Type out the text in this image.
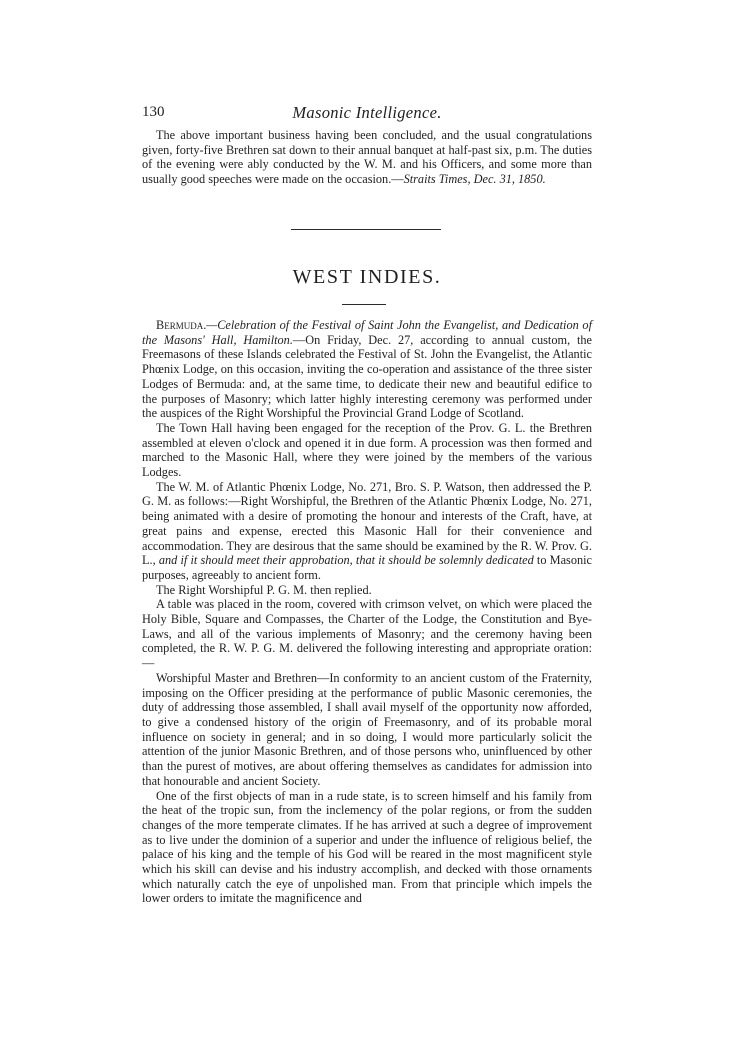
130	Masonic Intelligence.

The above important business having been concluded, and the usual congratulations given, forty-five Brethren sat down to their annual banquet at half-past six, p.m. The duties of the evening were ably conducted by the W. M. and his Officers, and some more than usually good speeches were made on the occasion.—Straits Times, Dec. 31, 1850.

WEST INDIES.

Bermuda.—Celebration of the Festival of Saint John the Evangelist, and Dedication of the Masons' Hall, Hamilton.—On Friday, Dec. 27, according to annual custom, the Freemasons of these Islands celebrated the Festival of St. John the Evangelist, the Atlantic Phœnix Lodge, on this occasion, inviting the co-operation and assistance of the three sister Lodges of Bermuda: and, at the same time, to dedicate their new and beautiful edifice to the purposes of Masonry; which latter highly interesting ceremony was performed under the auspices of the Right Worshipful the Provincial Grand Lodge of Scotland.

The Town Hall having been engaged for the reception of the Prov. G. L. the Brethren assembled at eleven o'clock and opened it in due form. A procession was then formed and marched to the Masonic Hall, where they were joined by the members of the various Lodges.

The W. M. of Atlantic Phœnix Lodge, No. 271, Bro. S. P. Watson, then addressed the P. G. M. as follows:—Right Worshipful, the Brethren of the Atlantic Phœnix Lodge, No. 271, being animated with a desire of promoting the honour and interests of the Craft, have, at great pains and expense, erected this Masonic Hall for their convenience and accommodation. They are desirous that the same should be examined by the R. W. Prov. G. L., and if it should meet their approbation, that it should be solemnly dedicated to Masonic purposes, agreeably to ancient form.

The Right Worshipful P. G. M. then replied.

A table was placed in the room, covered with crimson velvet, on which were placed the Holy Bible, Square and Compasses, the Charter of the Lodge, the Constitution and Bye-Laws, and all of the various implements of Masonry; and the ceremony having been completed, the R. W. P. G. M. delivered the following interesting and appropriate oration:—

Worshipful Master and Brethren—In conformity to an ancient custom of the Fraternity, imposing on the Officer presiding at the performance of public Masonic ceremonies, the duty of addressing those assembled, I shall avail myself of the opportunity now afforded, to give a condensed history of the origin of Freemasonry, and of its probable moral influence on society in general; and in so doing, I would more particularly solicit the attention of the junior Masonic Brethren, and of those persons who, uninfluenced by other than the purest of motives, are about offering themselves as candidates for admission into that honourable and ancient Society.

One of the first objects of man in a rude state, is to screen himself and his family from the heat of the tropic sun, from the inclemency of the polar regions, or from the sudden changes of the more temperate climates. If he has arrived at such a degree of improvement as to live under the dominion of a superior and under the influence of religious belief, the palace of his king and the temple of his God will be reared in the most magnificent style which his skill can devise and his industry accomplish, and decked with those ornaments which naturally catch the eye of unpolished man. From that principle which impels the lower orders to imitate the magnificence and
